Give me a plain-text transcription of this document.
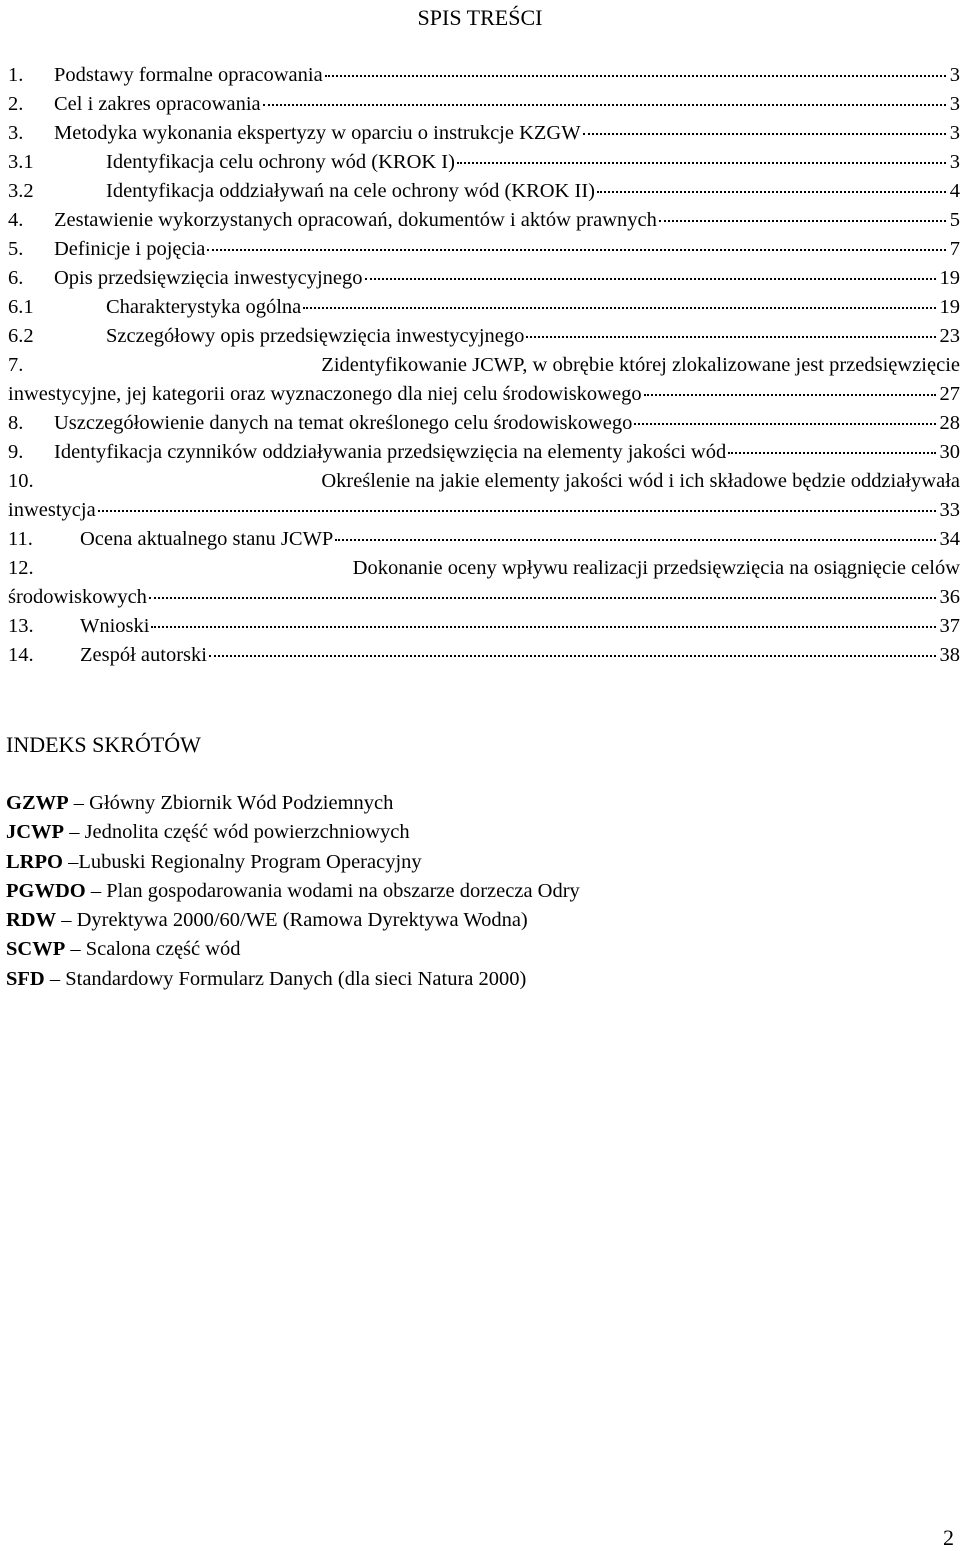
SPIS TREŚCI
1.	Podstawy formalne opracowania	3
2.	Cel i zakres opracowania	3
3.	Metodyka wykonania ekspertyzy w oparciu o instrukcje KZGW	3
3.1	Identyfikacja celu ochrony wód (KROK I)	3
3.2	Identyfikacja oddziaływań na cele ochrony wód (KROK II)	4
4.	Zestawienie wykorzystanych opracowań, dokumentów i aktów prawnych	5
5.	Definicje i pojęcia	7
6.	Opis przedsięwzięcia inwestycyjnego	19
6.1	Charakterystyka ogólna	19
6.2	Szczegółowy opis przedsięwzięcia inwestycyjnego	23
7.	Zidentyfikowanie JCWP, w obrębie której zlokalizowane jest przedsięwzięcie
inwestycyjne, jej kategorii oraz wyznaczonego dla niej celu środowiskowego	27
8.	Uszczegółowienie danych na temat określonego celu środowiskowego	28
9.	Identyfikacja czynników oddziaływania przedsięwzięcia na elementy jakości wód	30
10.	Określenie na jakie elementy jakości wód i ich składowe będzie oddziaływała
inwestycja	33
11.	Ocena aktualnego stanu JCWP	34
12.	Dokonanie oceny wpływu realizacji przedsięwzięcia na osiągnięcie celów
środowiskowych	36
13.	Wnioski	37
14.	Zespół autorski	38
INDEKS SKRÓTÓW
GZWP – Główny Zbiornik Wód Podziemnych
JCWP – Jednolita część wód powierzchniowych
LRPO –Lubuski Regionalny Program Operacyjny
PGWDO – Plan gospodarowania wodami na obszarze dorzecza Odry
RDW – Dyrektywa 2000/60/WE (Ramowa Dyrektywa Wodna)
SCWP – Scalona część wód
SFD – Standardowy Formularz Danych (dla sieci Natura 2000)
2
